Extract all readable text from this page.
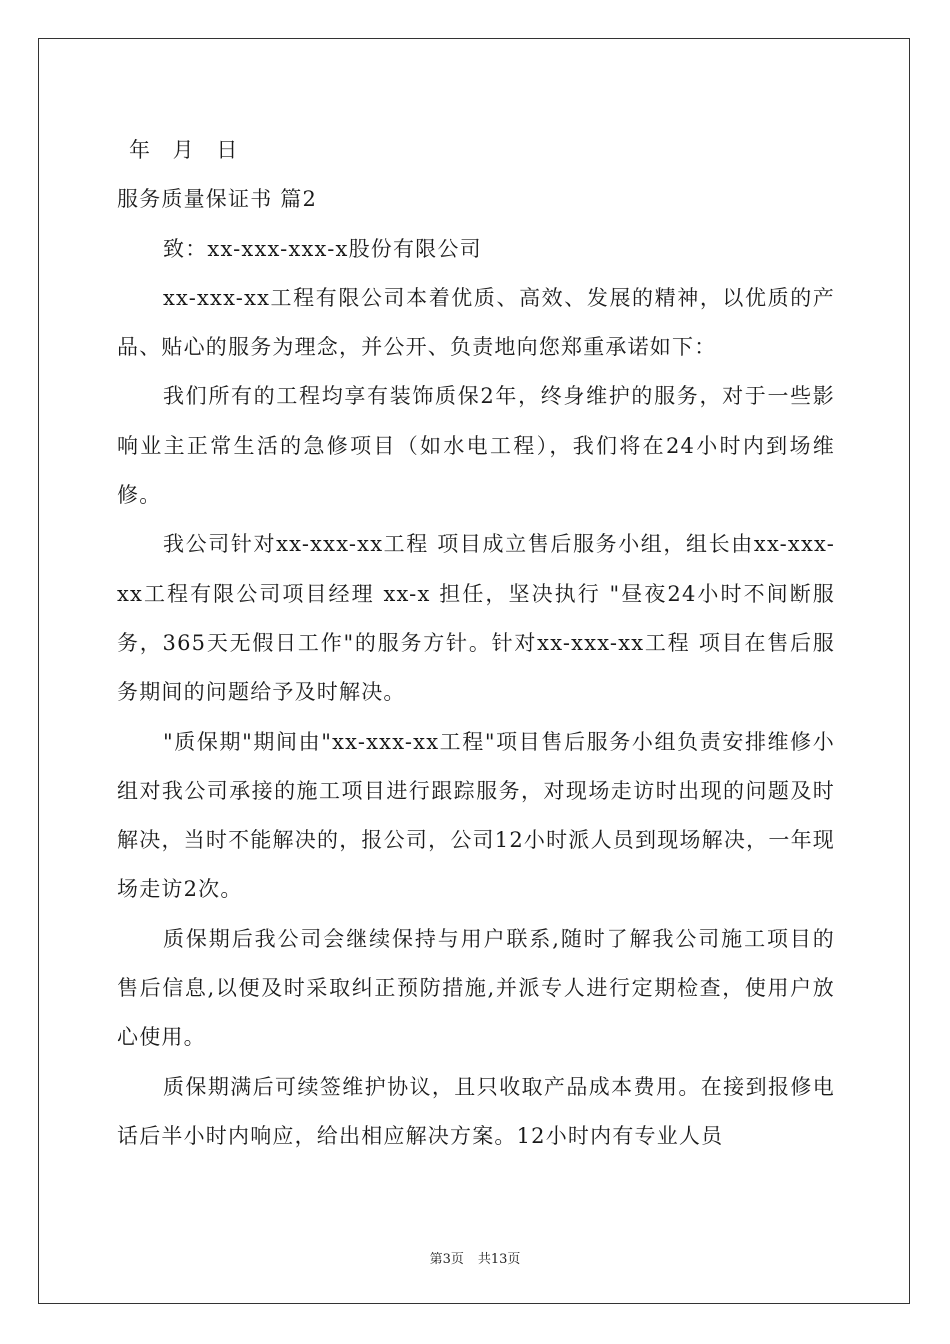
年 月 日

服务质量保证书 篇2

致：xx-xxx-xxx-x股份有限公司

xx-xxx-xx工程有限公司本着优质、高效、发展的精神，以优质的产品、贴心的服务为理念，并公开、负责地向您郑重承诺如下：

我们所有的工程均享有装饰质保2年，终身维护的服务，对于一些影响业主正常生活的急修项目（如水电工程），我们将在24小时内到场维修。

我公司针对xx-xxx-xx工程 项目成立售后服务小组，组长由xx-xxx-xx工程有限公司项目经理 xx-x 担任，坚决执行 "昼夜24小时不间断服务，365天无假日工作"的服务方针。针对xx-xxx-xx工程 项目在售后服务期间的问题给予及时解决。

"质保期"期间由"xx-xxx-xx工程"项目售后服务小组负责安排维修小组对我公司承接的施工项目进行跟踪服务，对现场走访时出现的问题及时解决，当时不能解决的，报公司，公司12小时派人员到现场解决，一年现场走访2次。

质保期后我公司会继续保持与用户联系,随时了解我公司施工项目的售后信息,以便及时采取纠正预防措施,并派专人进行定期检查，使用户放心使用。

质保期满后可续签维护协议，且只收取产品成本费用。在接到报修电话后半小时内响应，给出相应解决方案。12小时内有专业人员

第3页 共13页
